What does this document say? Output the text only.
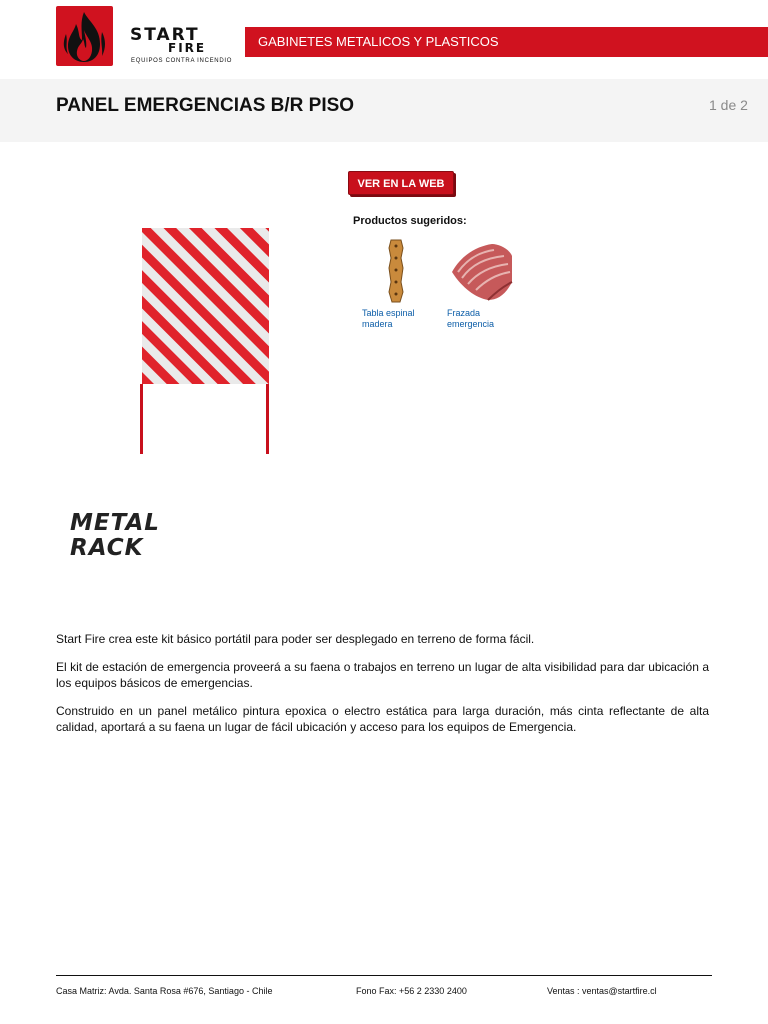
START
FIRE
EQUIPOS CONTRA INCENDIO
GABINETES METALICOS Y PLASTICOS
PANEL EMERGENCIAS B/R PISO	1 de 2
VER EN LA WEB
Productos sugeridos:
Tabla espinal
madera
Frazada
emergencia
METAL
RACK
Start Fire crea este kit básico portátil para poder ser desplegado en terreno de forma fácil.
El kit de estación de emergencia proveerá a su faena o trabajos en terreno un lugar de alta visibilidad para dar ubicación a los equipos básicos de emergencias.
Construido en un panel metálico pintura epoxica o electro estática para larga duración, más cinta reflectante de alta calidad, aportará a su faena un lugar de fácil ubicación y acceso para los equipos de Emergencia.
Casa Matriz: Avda. Santa Rosa #676, Santiago - Chile	Fono Fax: +56 2 2330 2400	Ventas : ventas@startfire.cl
